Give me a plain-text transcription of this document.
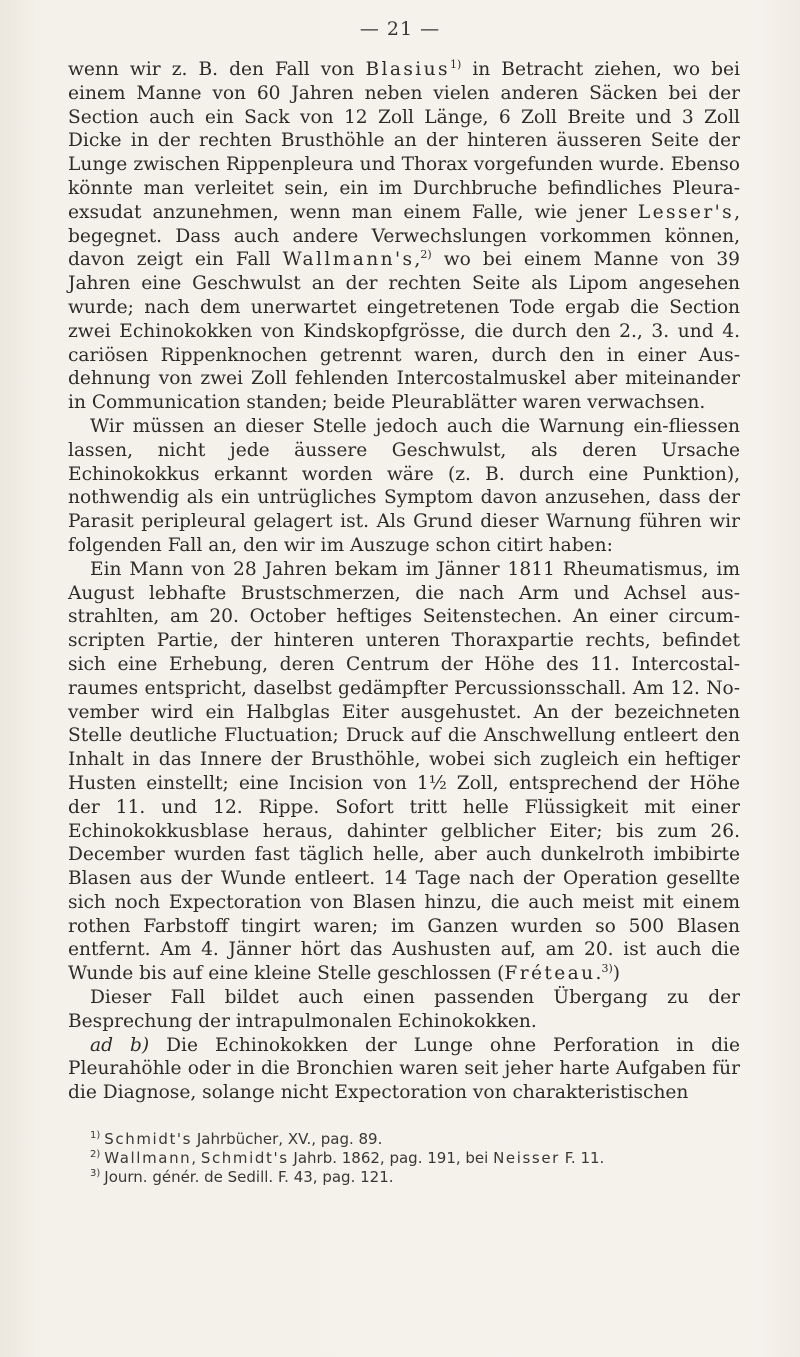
— 21 —

wenn wir z. B. den Fall von Blasius$^{1)}$ in Betracht ziehen, wo bei einem Manne von 60 Jahren neben vielen anderen Säcken bei der Section auch ein Sack von 12 Zoll Länge, 6 Zoll Breite und 3 Zoll Dicke in der rechten Brusthöhle an der hinteren äusseren Seite der Lunge zwischen Rippenpleura und Thorax vorgefunden wurde. Ebenso könnte man verleitet sein, ein im Durchbruche befindliches Pleura-exsudat anzunehmen, wenn man einem Falle, wie jener Lesser's, begegnet. Dass auch andere Verwechslungen vorkommen können, davon zeigt ein Fall Wallmann's,$^{2)}$ wo bei einem Manne von 39 Jahren eine Geschwulst an der rechten Seite als Lipom angesehen wurde; nach dem unerwartet eingetretenen Tode ergab die Section zwei Echinokokken von Kindskopfgrösse, die durch den 2., 3. und 4. cariösen Rippenknochen getrennt waren, durch den in einer Aus-dehnung von zwei Zoll fehlenden Intercostalmuskel aber miteinander in Communication standen; beide Pleurablätter waren verwachsen.

Wir müssen an dieser Stelle jedoch auch die Warnung ein-fliessen lassen, nicht jede äussere Geschwulst, als deren Ursache Echinokokkus erkannt worden wäre (z. B. durch eine Punktion), nothwendig als ein untrügliches Symptom davon anzusehen, dass der Parasit peripleural gelagert ist. Als Grund dieser Warnung führen wir folgenden Fall an, den wir im Auszuge schon citirt haben:

Ein Mann von 28 Jahren bekam im Jänner 1811 Rheumatismus, im August lebhafte Brustschmerzen, die nach Arm und Achsel aus-strahlten, am 20. October heftiges Seitenstechen. An einer circum-scripten Partie, der hinteren unteren Thoraxpartie rechts, befindet sich eine Erhebung, deren Centrum der Höhe des 11. Intercostal-raumes entspricht, daselbst gedämpfter Percussionsschall. Am 12. No-vember wird ein Halbglas Eiter ausgehustet. An der bezeichneten Stelle deutliche Fluctuation; Druck auf die Anschwellung entleert den Inhalt in das Innere der Brusthöhle, wobei sich zugleich ein heftiger Husten einstellt; eine Incision von 1½ Zoll, entsprechend der Höhe der 11. und 12. Rippe. Sofort tritt helle Flüssigkeit mit einer Echinokokkusblase heraus, dahinter gelblicher Eiter; bis zum 26. December wurden fast täglich helle, aber auch dunkelroth imbibirte Blasen aus der Wunde entleert. 14 Tage nach der Operation gesellte sich noch Expectoration von Blasen hinzu, die auch meist mit einem rothen Farbstoff tingirt waren; im Ganzen wurden so 500 Blasen entfernt. Am 4. Jänner hört das Aushusten auf, am 20. ist auch die Wunde bis auf eine kleine Stelle geschlossen (Fréteau.$^{3)}$)

Dieser Fall bildet auch einen passenden Übergang zu der Besprechung der intrapulmonalen Echinokokken.

ad b) Die Echinokokken der Lunge ohne Perforation in die Pleurahöhle oder in die Bronchien waren seit jeher harte Aufgaben für die Diagnose, solange nicht Expectoration von charakteristischen

$^{1)}$ Schmidt's Jahrbücher, XV., pag. 89.
$^{2)}$ Wallmann, Schmidt's Jahrb. 1862, pag. 191, bei Neisser F. 11.
$^{3)}$ Journ. génér. de Sedill. F. 43, pag. 121.
